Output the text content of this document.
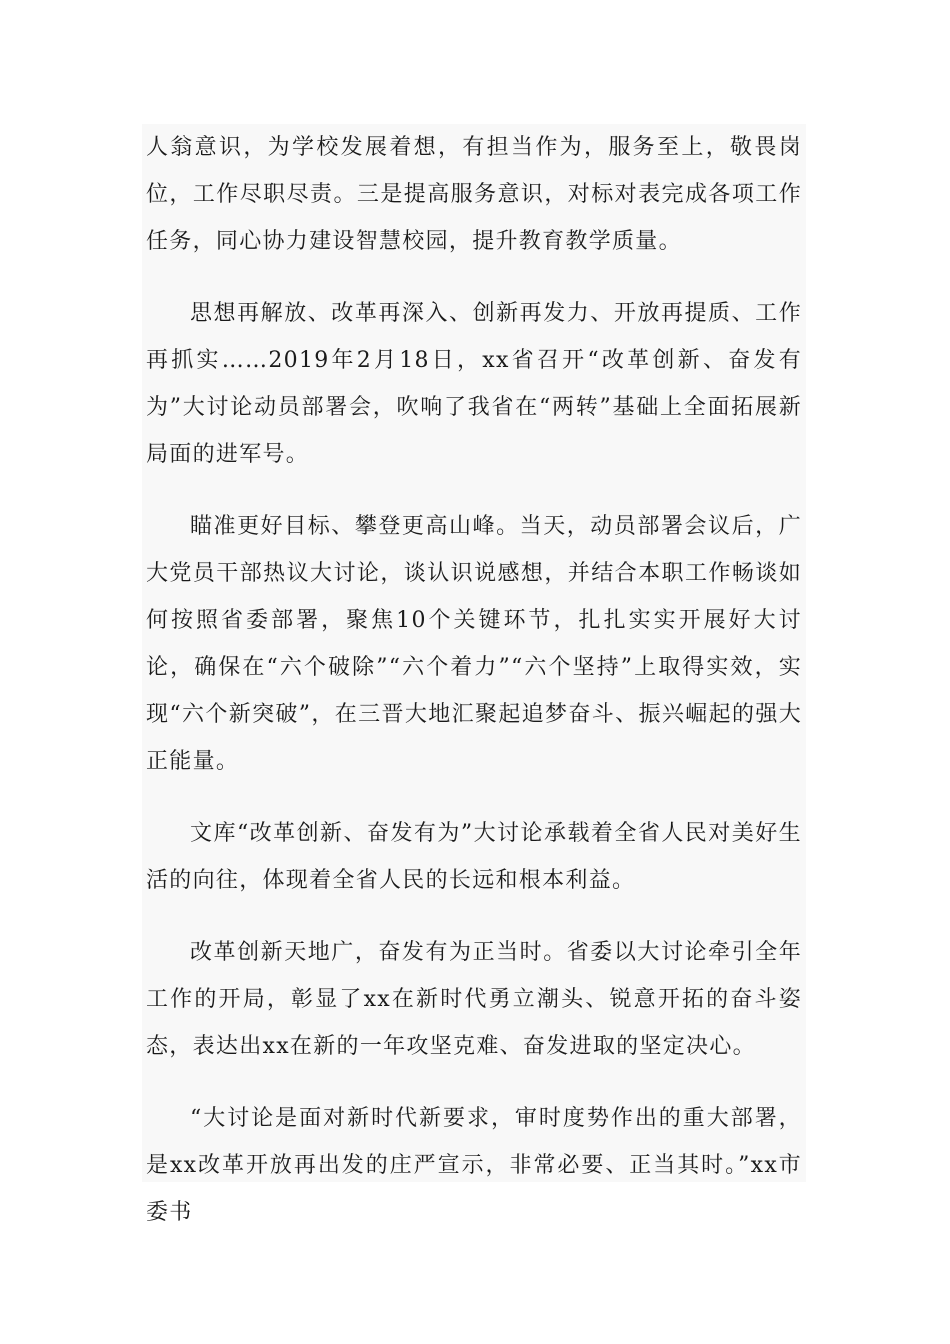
人翁意识，为学校发展着想，有担当作为，服务至上，敬畏岗位，工作尽职尽责。三是提高服务意识，对标对表完成各项工作任务，同心协力建设智慧校园，提升教育教学质量。

思想再解放、改革再深入、创新再发力、开放再提质、工作再抓实……2019年2月18日，xx省召开“改革创新、奋发有为”大讨论动员部署会，吹响了我省在“两转”基础上全面拓展新局面的进军号。

瞄准更好目标、攀登更高山峰。当天，动员部署会议后，广大党员干部热议大讨论，谈认识说感想，并结合本职工作畅谈如何按照省委部署，聚焦10个关键环节，扎扎实实开展好大讨论，确保在“六个破除”“六个着力”“六个坚持”上取得实效，实现“六个新突破”，在三晋大地汇聚起追梦奋斗、振兴崛起的强大正能量。

文库“改革创新、奋发有为”大讨论承载着全省人民对美好生活的向往，体现着全省人民的长远和根本利益。

改革创新天地广，奋发有为正当时。省委以大讨论牵引全年工作的开局，彰显了xx在新时代勇立潮头、锐意开拓的奋斗姿态，表达出xx在新的一年攻坚克难、奋发进取的坚定决心。

“大讨论是面对新时代新要求，审时度势作出的重大部署，是xx改革开放再出发的庄严宣示，非常必要、正当其时。”xx市委书
